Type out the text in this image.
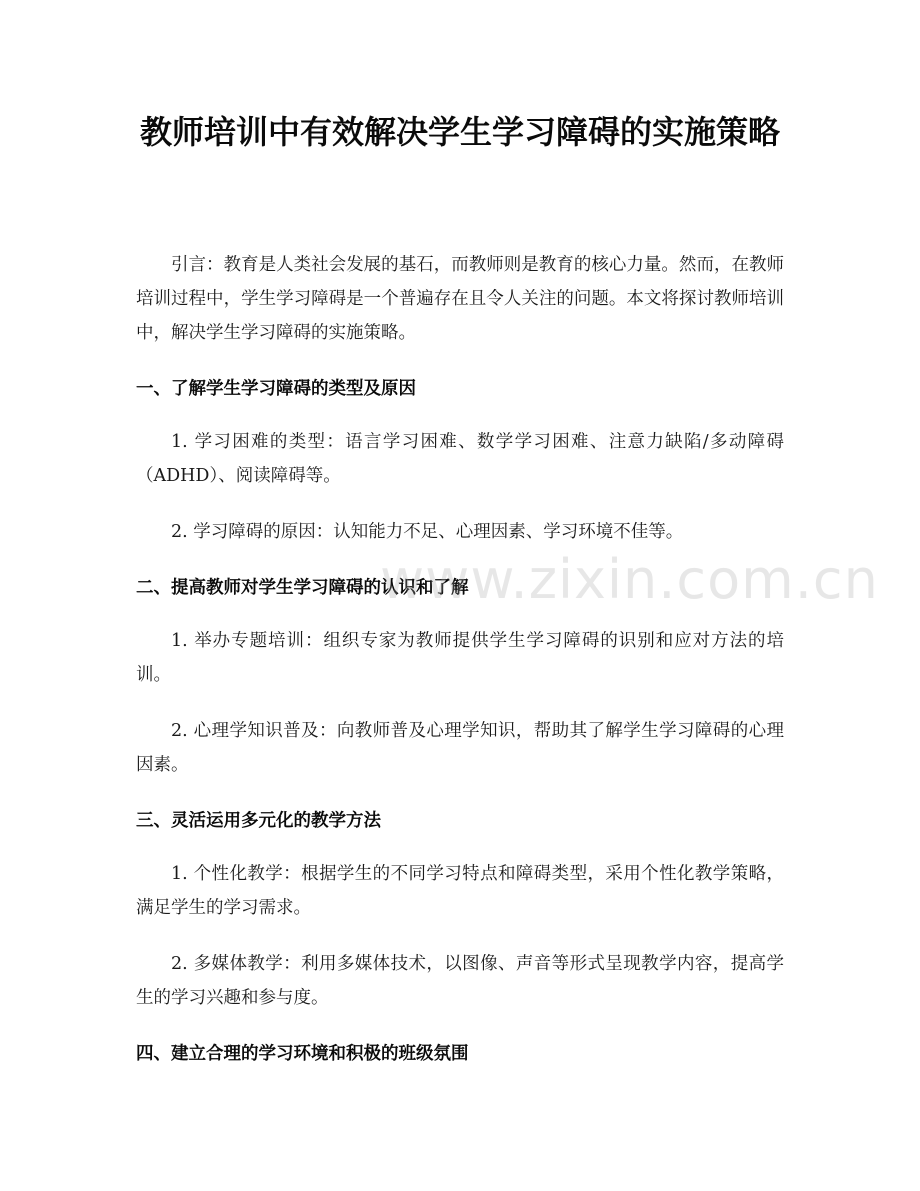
教师培训中有效解决学生学习障碍的实施策略

引言：教育是人类社会发展的基石，而教师则是教育的核心力量。然而，在教师培训过程中，学生学习障碍是一个普遍存在且令人关注的问题。本文将探讨教师培训中，解决学生学习障碍的实施策略。

一、了解学生学习障碍的类型及原因

1. 学习困难的类型：语言学习困难、数学学习困难、注意力缺陷/多动障碍（ADHD）、阅读障碍等。

2. 学习障碍的原因：认知能力不足、心理因素、学习环境不佳等。

二、提高教师对学生学习障碍的认识和了解

1. 举办专题培训：组织专家为教师提供学生学习障碍的识别和应对方法的培训。

2. 心理学知识普及：向教师普及心理学知识，帮助其了解学生学习障碍的心理因素。

三、灵活运用多元化的教学方法

1. 个性化教学：根据学生的不同学习特点和障碍类型，采用个性化教学策略，满足学生的学习需求。

2. 多媒体教学：利用多媒体技术，以图像、声音等形式呈现教学内容，提高学生的学习兴趣和参与度。

四、建立合理的学习环境和积极的班级氛围
www.zixin.com.cn
